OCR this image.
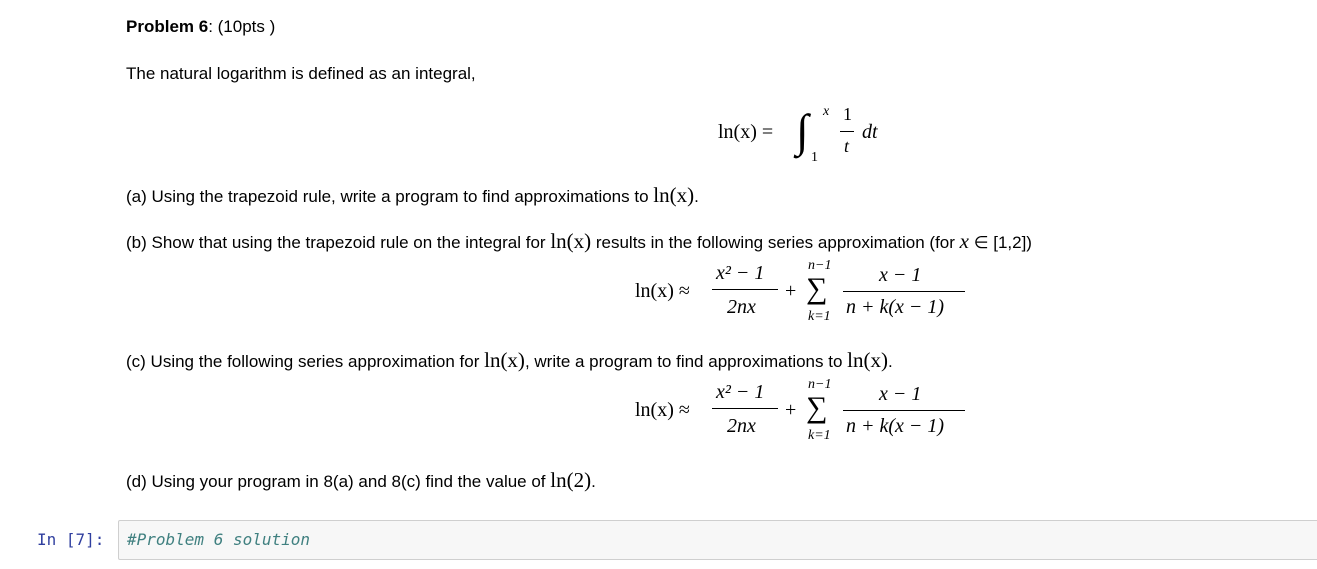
Problem 6: (10pts )
The natural logarithm is defined as an integral,
ln(x) = ∫ x
1
1
t
dt
(a) Using the trapezoid rule, write a program to find approximations to ln(x).
(b) Show that using the trapezoid rule on the integral for ln(x) results in the following series approximation (for x ∈ [1,2])
ln(x) ≈
x² − 1
2nx
+
n−1
∑
k=1
x − 1
n + k(x − 1)
(c) Using the following series approximation for ln(x), write a program to find approximations to ln(x).
ln(x) ≈
x² − 1
2nx
+
n−1
∑
k=1
x − 1
n + k(x − 1)
(d) Using your program in 8(a) and 8(c) find the value of ln(2).
In [7]: #Problem 6 solution
